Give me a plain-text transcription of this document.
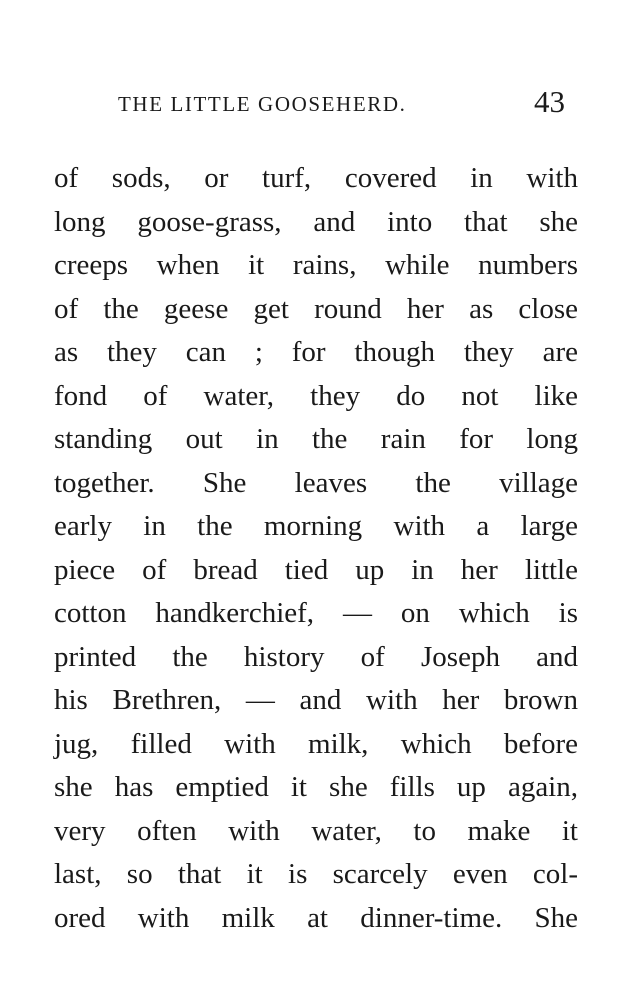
THE LITTLE GOOSEHERD.	43
of sods, or turf, covered in with
long goose-grass, and into that she
creeps when it rains, while numbers
of the geese get round her as close
as they can ; for though they are
fond of water, they do not like
standing out in the rain for long
together. She leaves the village
early in the morning with a large
piece of bread tied up in her little
cotton handkerchief, — on which is
printed the history of Joseph and
his Brethren, — and with her brown
jug, filled with milk, which before
she has emptied it she fills up again,
very often with water, to make it
last, so that it is scarcely even col-
ored with milk at dinner-time. She
